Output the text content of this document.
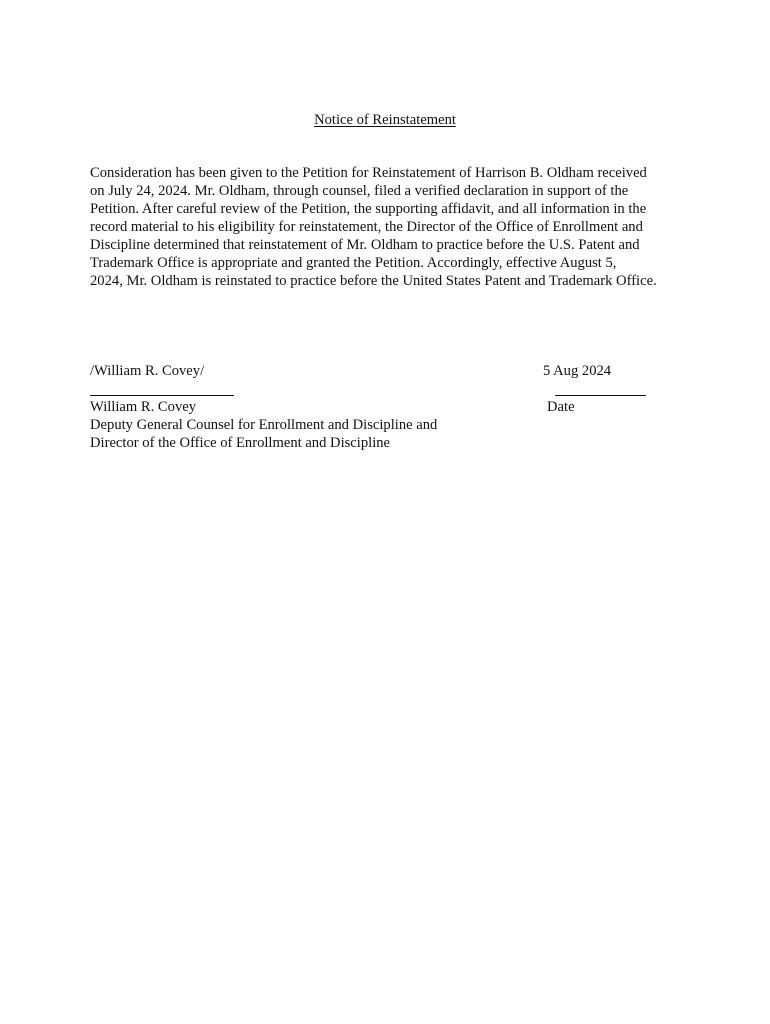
Notice of Reinstatement
Consideration has been given to the Petition for Reinstatement of Harrison B. Oldham received
on July 24, 2024. Mr. Oldham, through counsel, filed a verified declaration in support of the
Petition. After careful review of the Petition, the supporting affidavit, and all information in the
record material to his eligibility for reinstatement, the Director of the Office of Enrollment and
Discipline determined that reinstatement of Mr. Oldham to practice before the U.S. Patent and
Trademark Office is appropriate and granted the Petition. Accordingly, effective August 5,
2024, Mr. Oldham is reinstated to practice before the United States Patent and Trademark Office.
/William R. Covey/
William R. Covey
Deputy General Counsel for Enrollment and Discipline and
Director of the Office of Enrollment and Discipline
5 Aug 2024
Date
